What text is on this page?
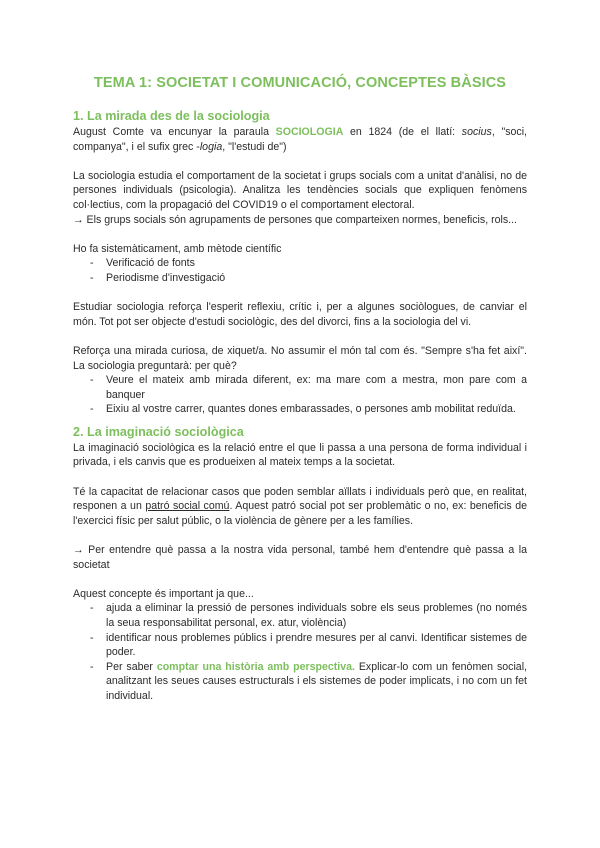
TEMA 1: SOCIETAT I COMUNICACIÓ, CONCEPTES BÀSICS
1. La mirada des de la sociologia

August Comte va encunyar la paraula SOCIOLOGIA en 1824 (de el llatí: socius, "soci, companya", i el sufix grec -logia, "l'estudi de")

La sociologia estudia el comportament de la societat i grups socials com a unitat d'anàlisi, no de persones individuals (psicologia). Analitza les tendències socials que expliquen fenòmens col·lectius, com la propagació del COVID19 o el comportament electoral.

→ Els grups socials són agrupaments de persones que comparteixen normes, beneficis, rols...

Ho fa sistemàticament, amb mètode científic

- Verificació de fonts
- Periodisme d'investigació

Estudiar sociologia reforça l'esperit reflexiu, crític i, per a algunes sociòlogues, de canviar el món. Tot pot ser objecte d'estudi sociològic, des del divorci, fins a la sociologia del vi.

Reforça una mirada curiosa, de xiquet/a. No assumir el món tal com és. "Sempre s'ha fet així". La sociologia preguntarà: per què?

- Veure el mateix amb mirada diferent, ex: ma mare com a mestra, mon pare com a banquer
- Eixiu al vostre carrer, quantes dones embarassades, o persones amb mobilitat reduïda.
2. La imaginació sociològica

La imaginació sociològica es la relació entre el que li passa a una persona de forma individual i privada, i els canvis que es produeixen al mateix temps a la societat.

Té la capacitat de relacionar casos que poden semblar aïllats i individuals però que, en realitat, responen a un patró social comú. Aquest patró social pot ser problemàtic o no, ex: beneficis de l'exercici físic per salut públic, o la violència de gènere per a les famílies.

→ Per entendre què passa a la nostra vida personal, també hem d'entendre què passa a la societat

Aquest concepte és important ja que...

- ajuda a eliminar la pressió de persones individuals sobre els seus problemes (no només la seua responsabilitat personal, ex. atur, violència)
- identificar nous problemes públics i prendre mesures per al canvi. Identificar sistemes de poder.
- Per saber comptar una història amb perspectiva. Explicar-lo com un fenòmen social, analitzant les seues causes estructurals i els sistemes de poder implicats, i no com un fet individual.
